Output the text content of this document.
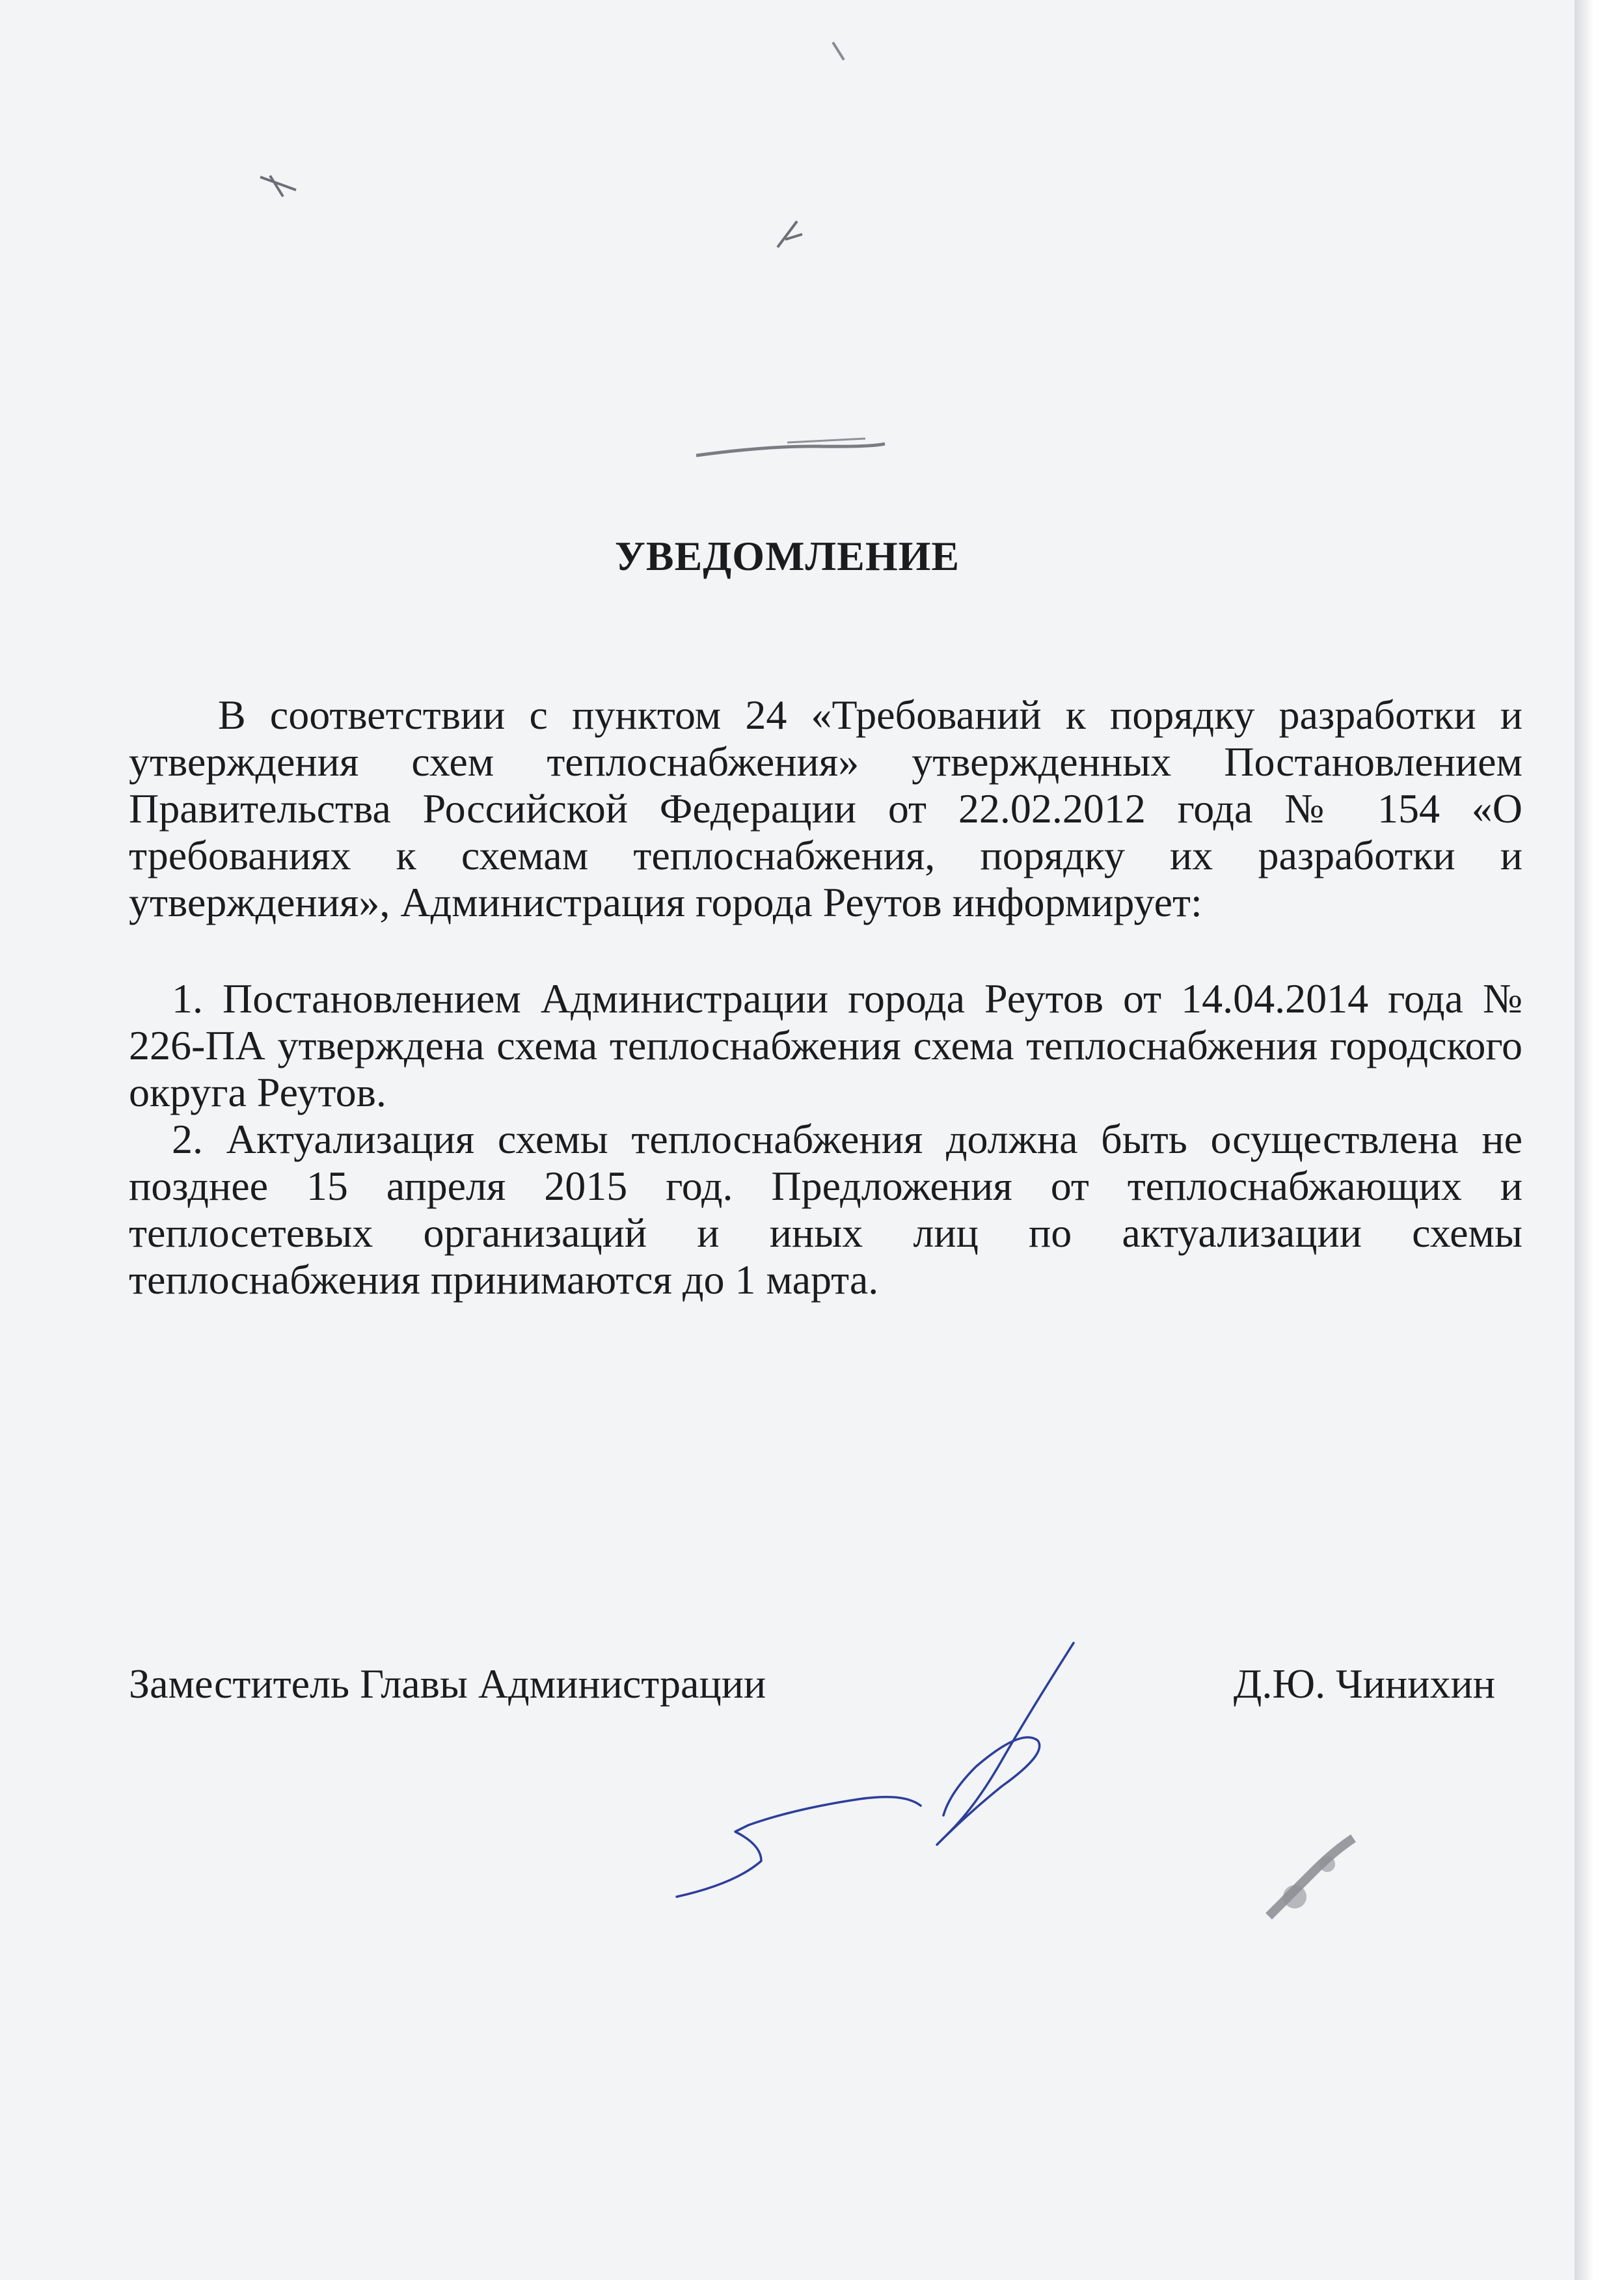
УВЕДОМЛЕНИЕ

В соответствии с пунктом 24 «Требований к порядку разработки и утверждения схем теплоснабжения» утвержденных Постановлением Правительства Российской Федерации от 22.02.2012 года № 154 «О требованиях к схемам теплоснабжения, порядку их разработки и утверждения», Администрация города Реутов информирует:

1. Постановлением Администрации города Реутов от 14.04.2014 года № 226-ПА утверждена схема теплоснабжения схема теплоснабжения городского округа Реутов.

2. Актуализация схемы теплоснабжения должна быть осуществлена не позднее 15 апреля 2015 год. Предложения от теплоснабжающих и теплосетевых организаций и иных лиц по актуализации схемы теплоснабжения принимаются до 1 марта.

Заместитель Главы Администрации	Д.Ю. Чинихин
